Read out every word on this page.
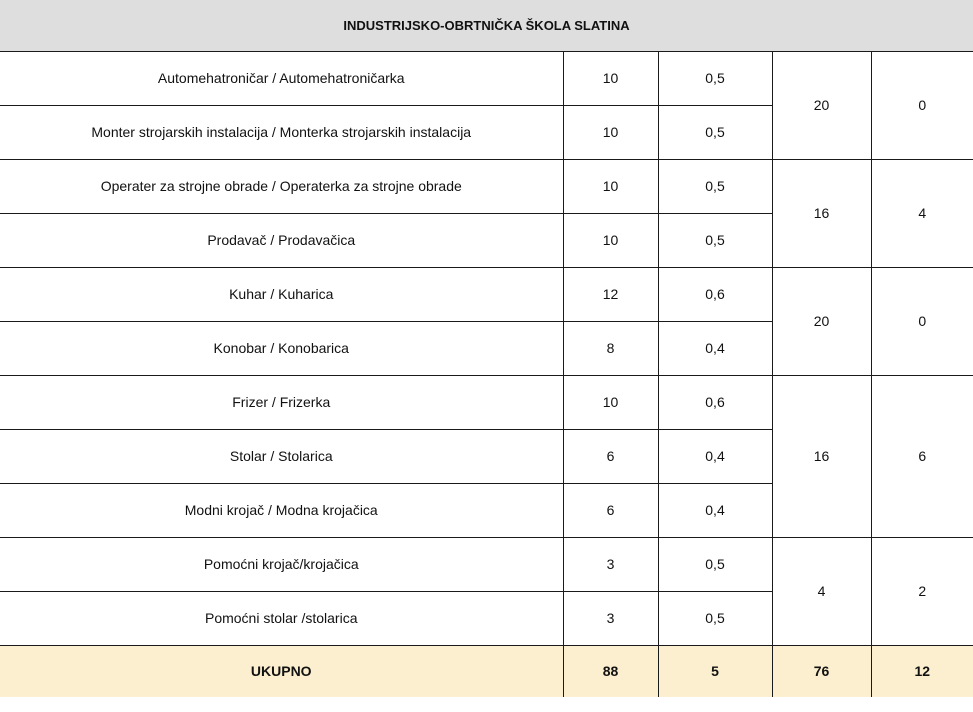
INDUSTRIJSKO-OBRTNIČKA ŠKOLA SLATINA				
Automehatroničar / Automehatroničarka	10	0,5	20	0
Monter strojarskih instalacija / Monterka strojarskih instalacija	10	0,5		
Operater za strojne obrade / Operaterka za strojne obrade	10	0,5	16	4
Prodavač / Prodavačica	10	0,5		
Kuhar / Kuharica	12	0,6	20	0
Konobar / Konobarica	8	0,4		
Frizer / Frizerka	10	0,6	16	6
Stolar / Stolarica	6	0,4		
Modni krojač / Modna krojačica	6	0,4		
Pomoćni krojač/krojačica	3	0,5	4	2
Pomoćni stolar /stolarica	3	0,5		
UKUPNO	88	5	76	12
